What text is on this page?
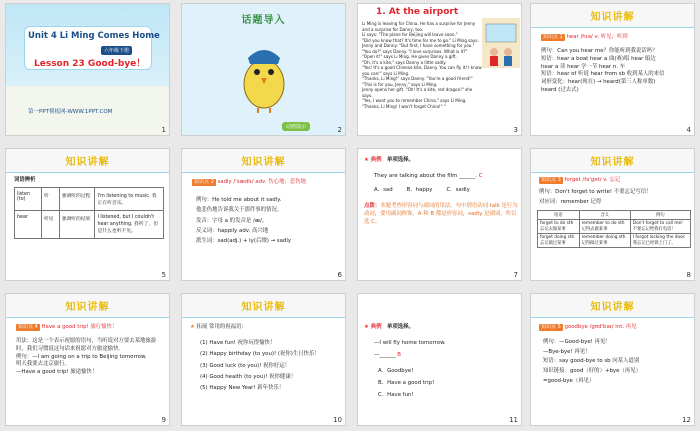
Unit 4 Li Ming Comes Home
六年级下册
Lesson 23 Good-bye！
第一PPT模板网-WWW.1PPT.COM
1
话题导入
动画演示	2
1. At the airport
Li Ming is leaving for China. He has a surprise for Jenny
and a surprise for Danny, too.
Li says: "The plane for Beijing will leave soon."
"Did you know that? It's time for me to go." Li Ming says.
Jenny and Danny: "But first, I have something for you."
"You do?" says Danny. "I love surprises. What is it?"
"Open it!" says Li Ming. He gives Danny a gift.
"Oh, it's a kite," says Danny a little sadly.
"Yes! It's a good Chinese kite, Danny. You can fly it! I know
you can!" says Li Ming.
"Thanks, Li Ming!" says Danny. "You're a good friend!"
"This is for you, Jenny," says Li Ming.
Jenny opens her gift. "Oh! It's a kite, red dragon!" she says.
"Yes, I want you to remember China," says Li Ming.
"Thanks, Li Ming! I won't forget China!" "
3
知识讲解
知识点 1 hear /hɪə/ v. 听见；听到
例句：Can you hear me？你能听到我说话吗？
短语：hear a boat hear a 曲(赛)唱 hear 船边
hear a 读 hear 学一节 hear n. 车
短语：hear of 听说 hear from sb 收到某人的来信
词形变化：hear(现在) → heard(第三人称单数)
heard (过去式)
4
知识讲解
词语辨析
listen (to)	听	强调听的过程	I'm listening to music. 我正在听音乐。
hear	听见	强调听的结果	I listened, but I couldn't hear anything. 我听了，但是什么也听不见。
5
知识讲解
知识点 2 sadly /'sædlɪ/ adv. 伤心地；悲伤地
例句：He told me about it sadly.
他悲伤地告诉我关于那件事的情况。
发音：字母 a 的发音是 /æ/。
反义词：happily adv. 高兴地
派生词：sad(adj.) + ly(后缀) → sadly
6
★ 典例　 单项选择。
They are talking about the film ______. C
A．sad	B．happy	C．sadly
点拨：本题考查形容词与副词的用法。句中谓语动词 talk 是行为动词，要用副词修饰，A 和 B 都是形容词，sadly 是副词，所以选 C。
7
知识讲解
知识点 3 forget /fə'get/ v. 忘记
例句：Don't forget to write! 不要忘记写信！
对应词：remember 记得
短语	含义	例句
forget to do sth 忘记去做某事	remember to do sth 记得去做某事	Don't forget to call me! 不要忘记给我打电话！
forget doing sth 忘记做过某事	remember doing sth 记得做过某事	I forgot locking the door. 我忘记已经锁上门了。
8
知识讲解
知识点 4 Have a good trip! 旅行愉快！
用法：这是一个表示祝愿的语句，当听说对方要去某地旅游时，我们习惯说这句话来祝愿对方旅途愉快。
例句：—I am going on a trip to Beijing tomorrow.
明天我要去北京旅行。
—Have a good trip! 旅途愉快！
9
知识讲解
★ 拓展 常用的祝福语：
(1) Have fun! 祝你玩得愉快！
(2) Happy birthday (to you)! (祝你)生日快乐！
(3) Good luck (to you)! 祝你好运！
(4) Good health (to you)! 祝你健康！
(5) Happy New Year! 新年快乐！
10
★ 典例　 单项选择。
—I will fly home tomorrow.
—______ B
A．Goodbye!
B．Have a good trip!
C．Have fun!
11
知识讲解
知识点 5 goodbye /gʊd'baɪ/ int. 再见
例句：—Good-bye! 再见！
—Bye-bye! 再见！
短语：say good-bye to sb 向某人道别
知识链接：good（好的）+bye（再见）
=good-bye（再见）
12
